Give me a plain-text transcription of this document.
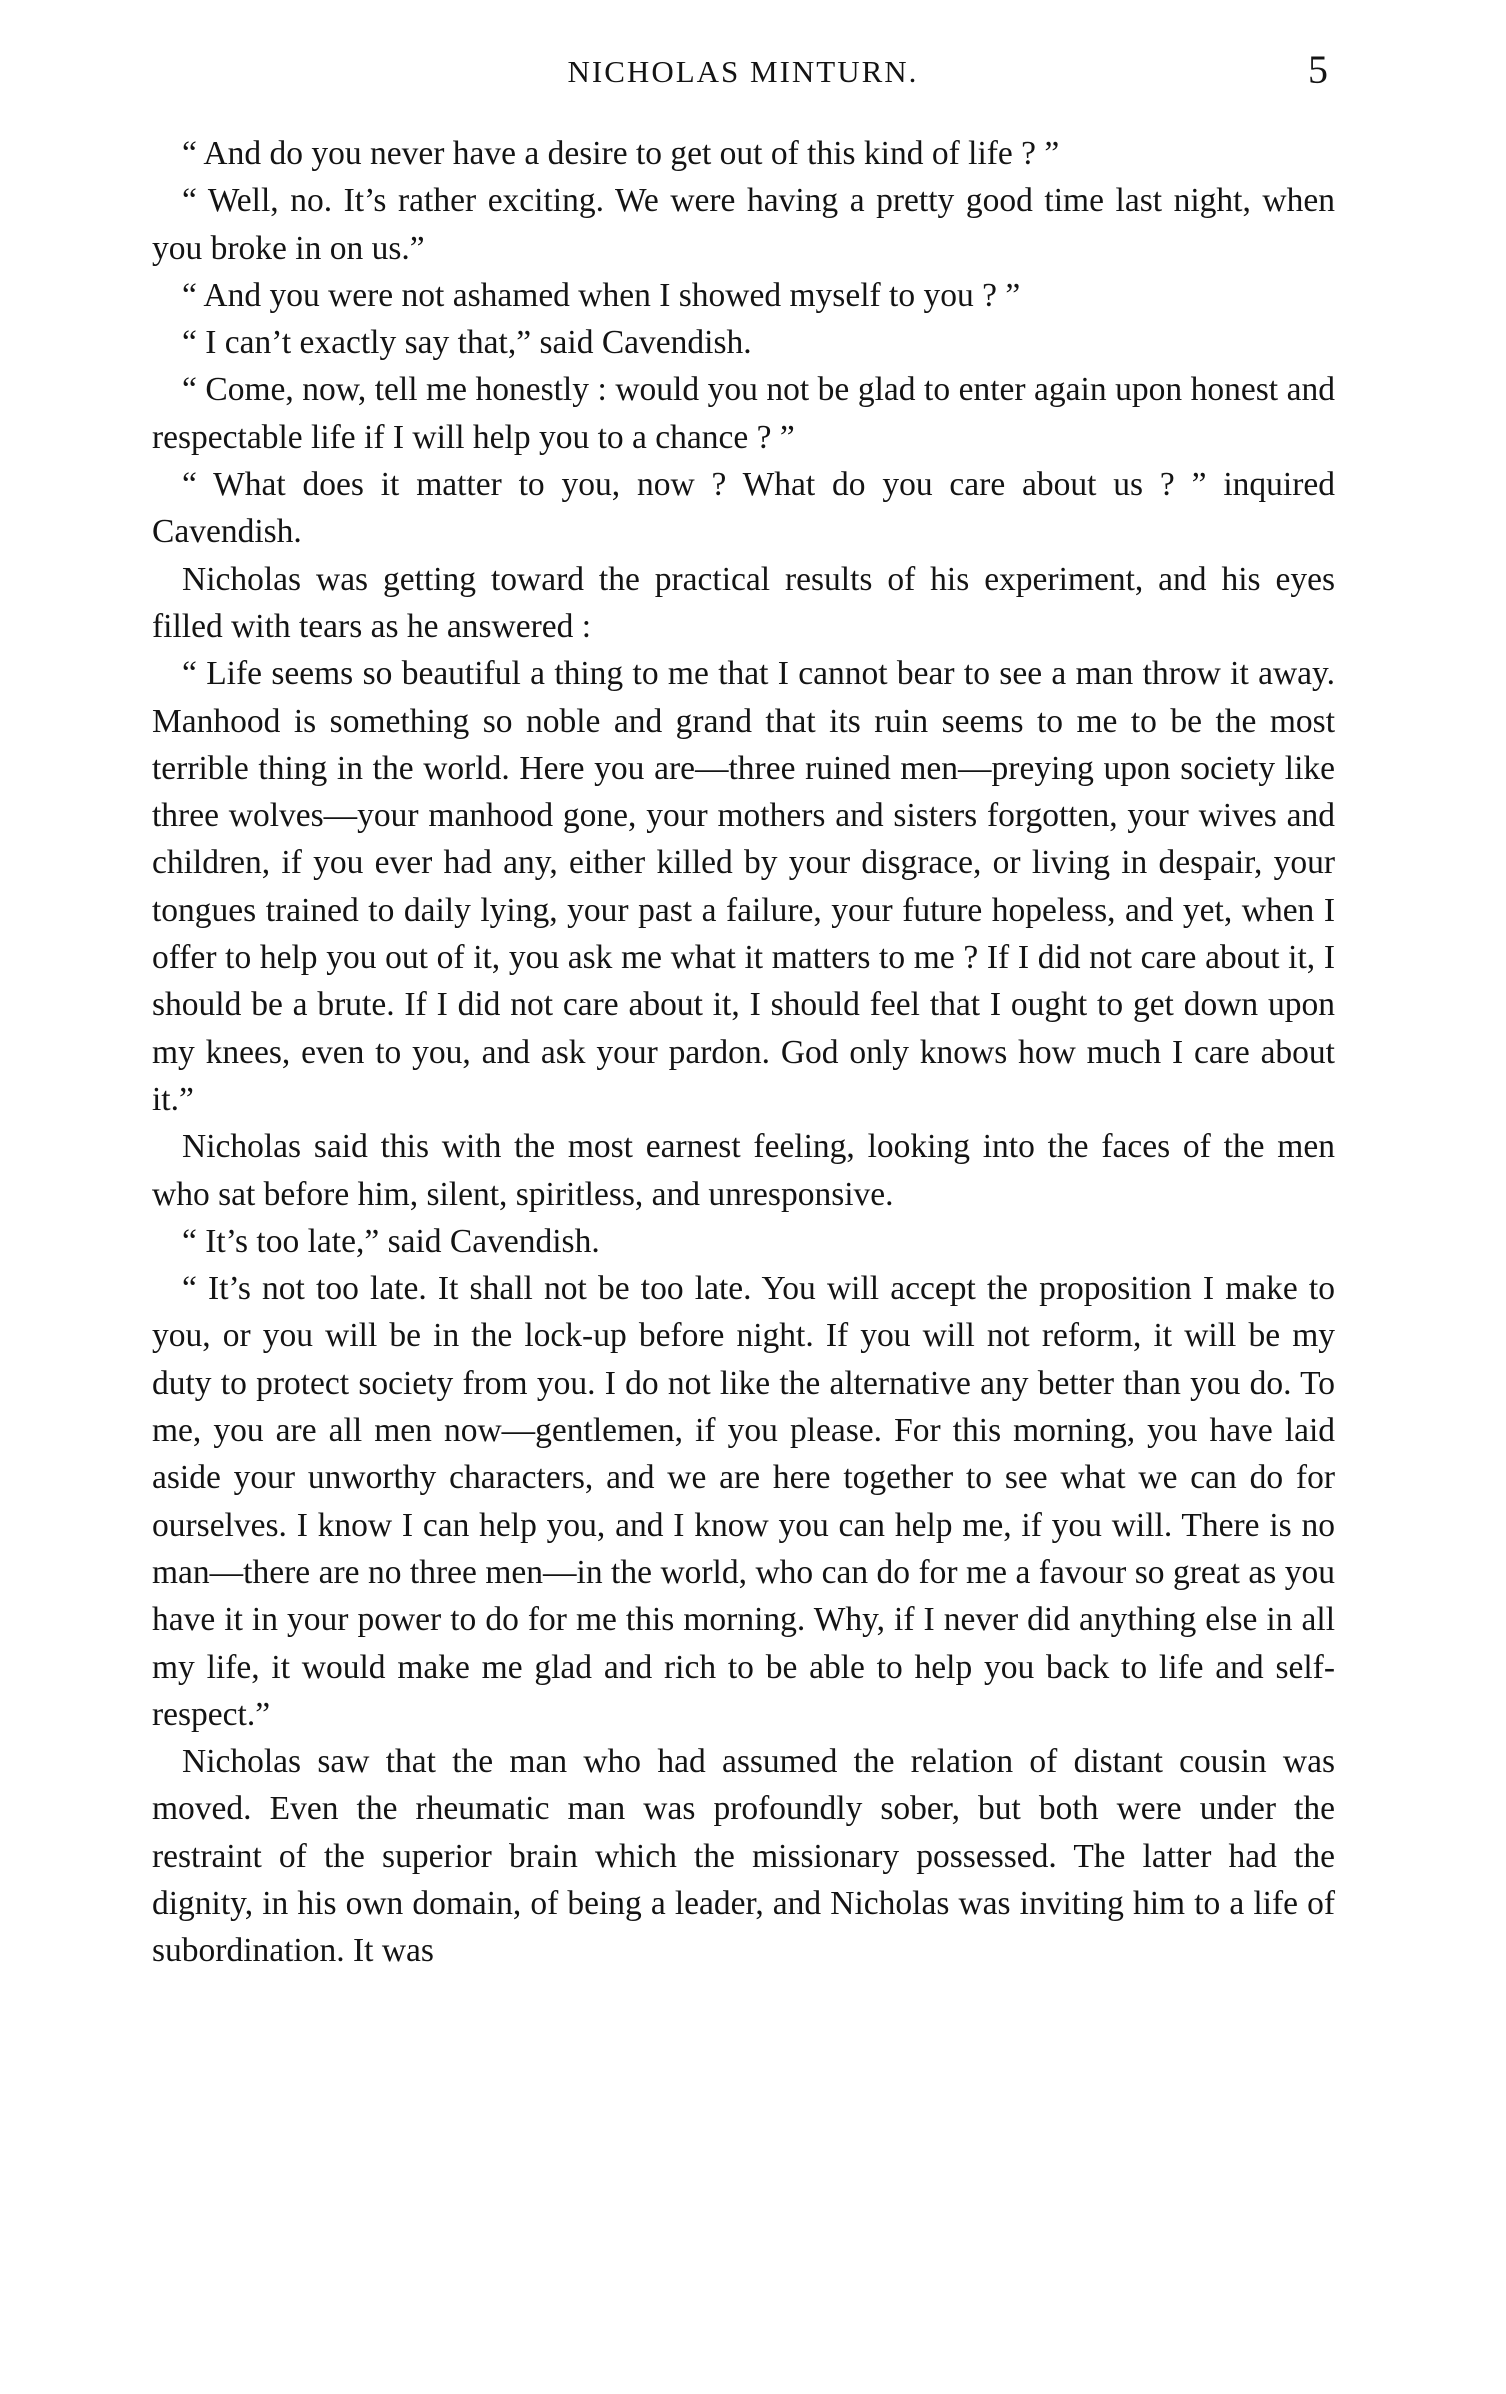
NICHOLAS MINTURN.	5

“ And do you never have a desire to get out of this kind of life ? ”

“ Well, no. It’s rather exciting. We were having a pretty good time last night, when you broke in on us.”

“ And you were not ashamed when I showed myself to you ? ”

“ I can’t exactly say that,” said Cavendish.

“ Come, now, tell me honestly : would you not be glad to enter again upon honest and respectable life if I will help you to a chance ? ”

“ What does it matter to you, now ? What do you care about us ? ” inquired Cavendish.

Nicholas was getting toward the practical results of his experiment, and his eyes filled with tears as he answered :

“ Life seems so beautiful a thing to me that I cannot bear to see a man throw it away. Manhood is something so noble and grand that its ruin seems to me to be the most terrible thing in the world. Here you are—three ruined men—preying upon society like three wolves—your manhood gone, your mothers and sisters forgotten, your wives and children, if you ever had any, either killed by your disgrace, or living in despair, your tongues trained to daily lying, your past a failure, your future hopeless, and yet, when I offer to help you out of it, you ask me what it matters to me ? If I did not care about it, I should be a brute. If I did not care about it, I should feel that I ought to get down upon my knees, even to you, and ask your pardon. God only knows how much I care about it.”

Nicholas said this with the most earnest feeling, looking into the faces of the men who sat before him, silent, spiritless, and unresponsive.

“ It’s too late,” said Cavendish.

“ It’s not too late. It shall not be too late. You will accept the proposition I make to you, or you will be in the lock-up before night. If you will not reform, it will be my duty to protect society from you. I do not like the alternative any better than you do. To me, you are all men now—gentlemen, if you please. For this morning, you have laid aside your unworthy characters, and we are here together to see what we can do for ourselves. I know I can help you, and I know you can help me, if you will. There is no man—there are no three men—in the world, who can do for me a favour so great as you have it in your power to do for me this morning. Why, if I never did anything else in all my life, it would make me glad and rich to be able to help you back to life and self-respect.”

Nicholas saw that the man who had assumed the relation of distant cousin was moved. Even the rheumatic man was profoundly sober, but both were under the restraint of the superior brain which the missionary possessed. The latter had the dignity, in his own domain, of being a leader, and Nicholas was inviting him to a life of subordination. It was
